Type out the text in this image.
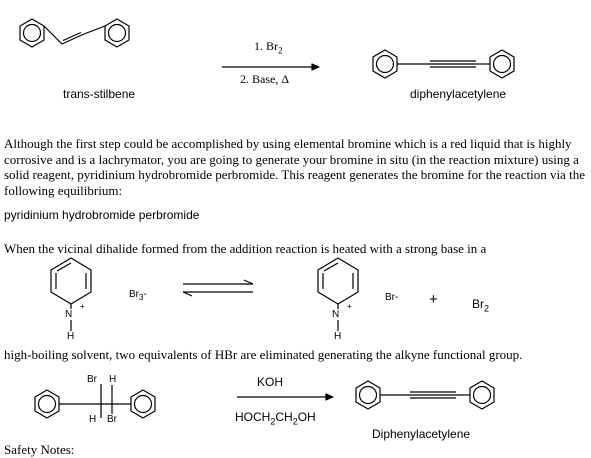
1. $Br_2$
2. Base, Δ
trans-stilbene	diphenylacetylene
Although the first step could be accomplished by using elemental bromine which is a red liquid that is highly corrosive and is a lachrymator, you are going to generate your bromine in situ (in the reaction mixture) using a solid reagent, pyridinium hydrobromide perbromide. This reagent generates the bromine for the reaction via the following equilibrium:
pyridinium hydrobromide perbromide
When the vicinal dihalide formed from the addition reaction is heated with a strong base in a
N
+
H
$Br_3-$
N
+
H
Br- +	$Br_2$
high-boiling solvent, two equivalents of HBr are eliminated generating the alkyne functional group.
Br H
H Br
KOH
$HOCH_2CH_2OH$
Diphenylacetylene
Safety Notes:
